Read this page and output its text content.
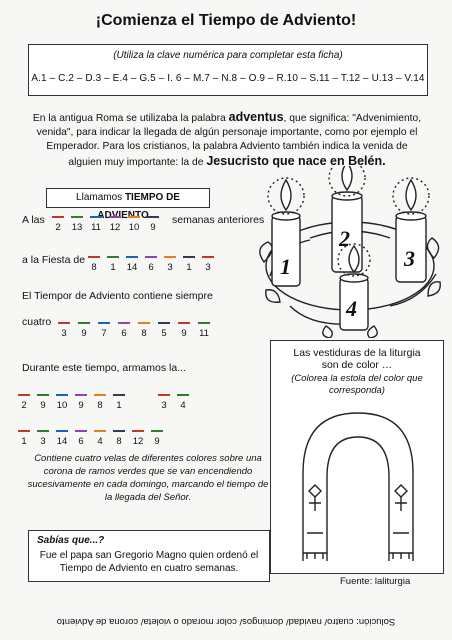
¡Comienza el Tiempo de Adviento!
(Utiliza la clave numérica para completar esta ficha)
A.1 – C.2 – D.3 – E.4 – G.5 – I. 6 – M.7 – N.8 – O.9 – R.10 – S.11 – T.12 – U.13 – V.14
En la antigua Roma se utilizaba la palabra adventus, que significa: "Advenimiento, venida", para indicar la llegada de algún personaje importante, como por ejemplo el Emperador. Para los cristianos, la palabra Adviento también indica la venida de alguien muy importante: la de Jesucristo que nace en Belén.
Llamamos TIEMPO DE
A las
2	13 11 12 10	9
semanas anteriores
a la Fiesta de
8	1	14	6	3	1	3
El Tiempor de Adviento contiene siempre
cuatro
3	9	7	6	8	5	9	11
Durante este tiempo, armamos la...
2	9	10	9	8	1	3	4
1	3	14	6	4	8	12	9
Contiene cuatro velas de diferentes colores sobre una corona de ramos verdes que se van encendiendo sucesivamente en cada domingo, marcando el tiempo de la llegada del Señor.
1
2
3
4
Las vestiduras de la liturgia
son de color …
(Colorea la estola del color que corresponda)
Sabías que...?
Fue el papa san Gregorio Magno quien ordenó el Tiempo de Adviento en cuatro semanas.
Fuente: laliturgia
Solución: cuatro/ navidad/ domingos/ color morado o violeta/ corona de Adviento
